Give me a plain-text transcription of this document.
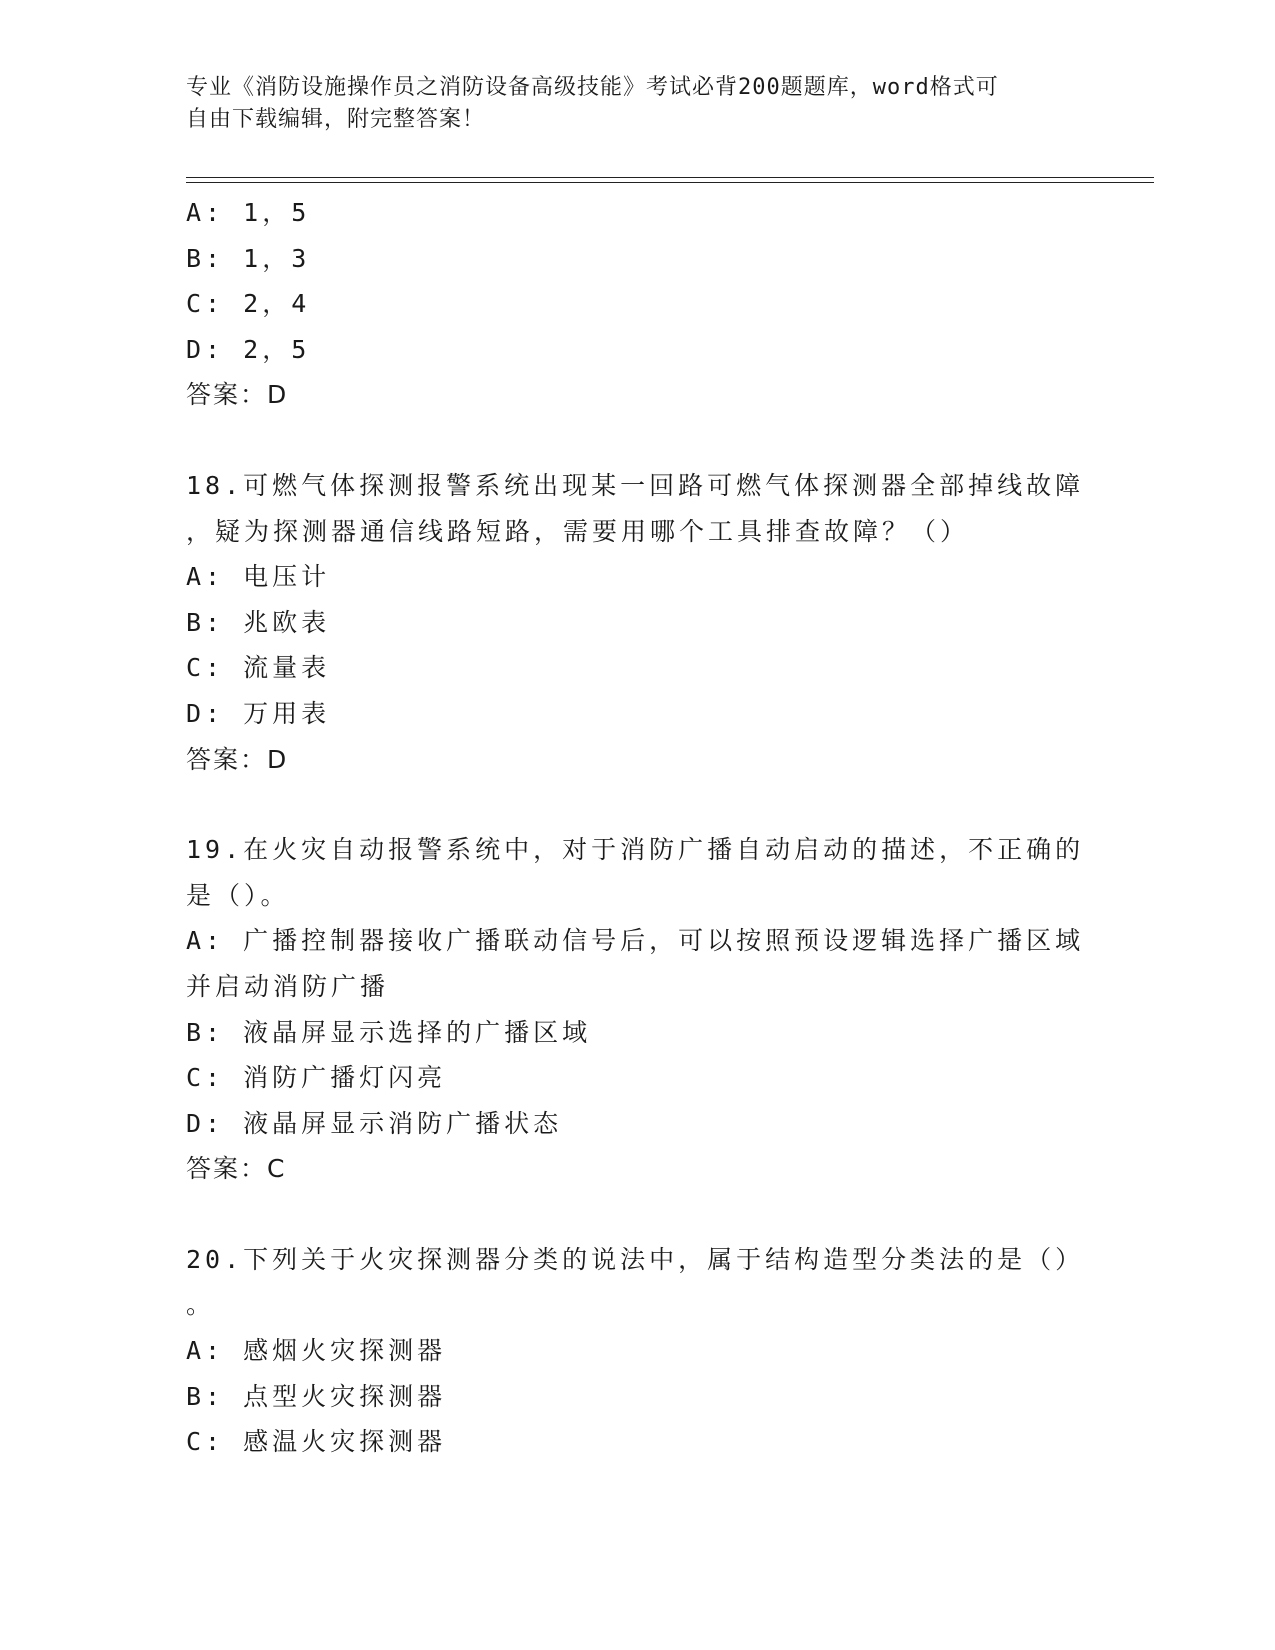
专业《消防设施操作员之消防设备高级技能》考试必背200题题库，word格式可
自由下载编辑，附完整答案！
A: 1，5
B: 1，3
C: 2，4
D: 2，5
答案：D
18.可燃气体探测报警系统出现某一回路可燃气体探测器全部掉线故障
，疑为探测器通信线路短路，需要用哪个工具排查故障？（）
A: 电压计
B: 兆欧表
C: 流量表
D: 万用表
答案：D
19.在火灾自动报警系统中，对于消防广播自动启动的描述，不正确的
是（）。
A: 广播控制器接收广播联动信号后，可以按照预设逻辑选择广播区域
并启动消防广播
B: 液晶屏显示选择的广播区域
C: 消防广播灯闪亮
D: 液晶屏显示消防广播状态
答案：C
20.下列关于火灾探测器分类的说法中，属于结构造型分类法的是（）
。
A: 感烟火灾探测器
B: 点型火灾探测器
C: 感温火灾探测器
